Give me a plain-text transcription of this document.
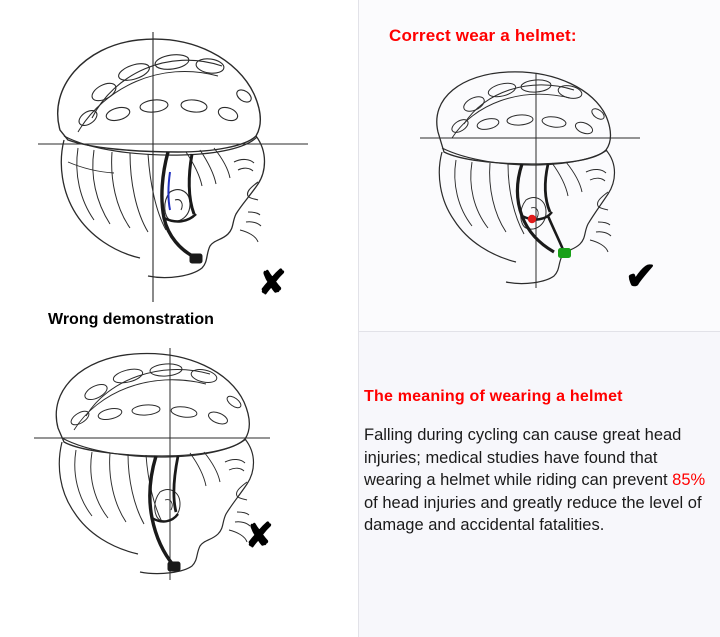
Correct wear a helmet:
Wrong demonstration
✘
✘
✔
The meaning of wearing a helmet
Falling during cycling can cause great head injuries; medical studies have found that wearing a helmet while riding can prevent 85% of head injuries and greatly reduce the level of damage and accidental fatalities.
